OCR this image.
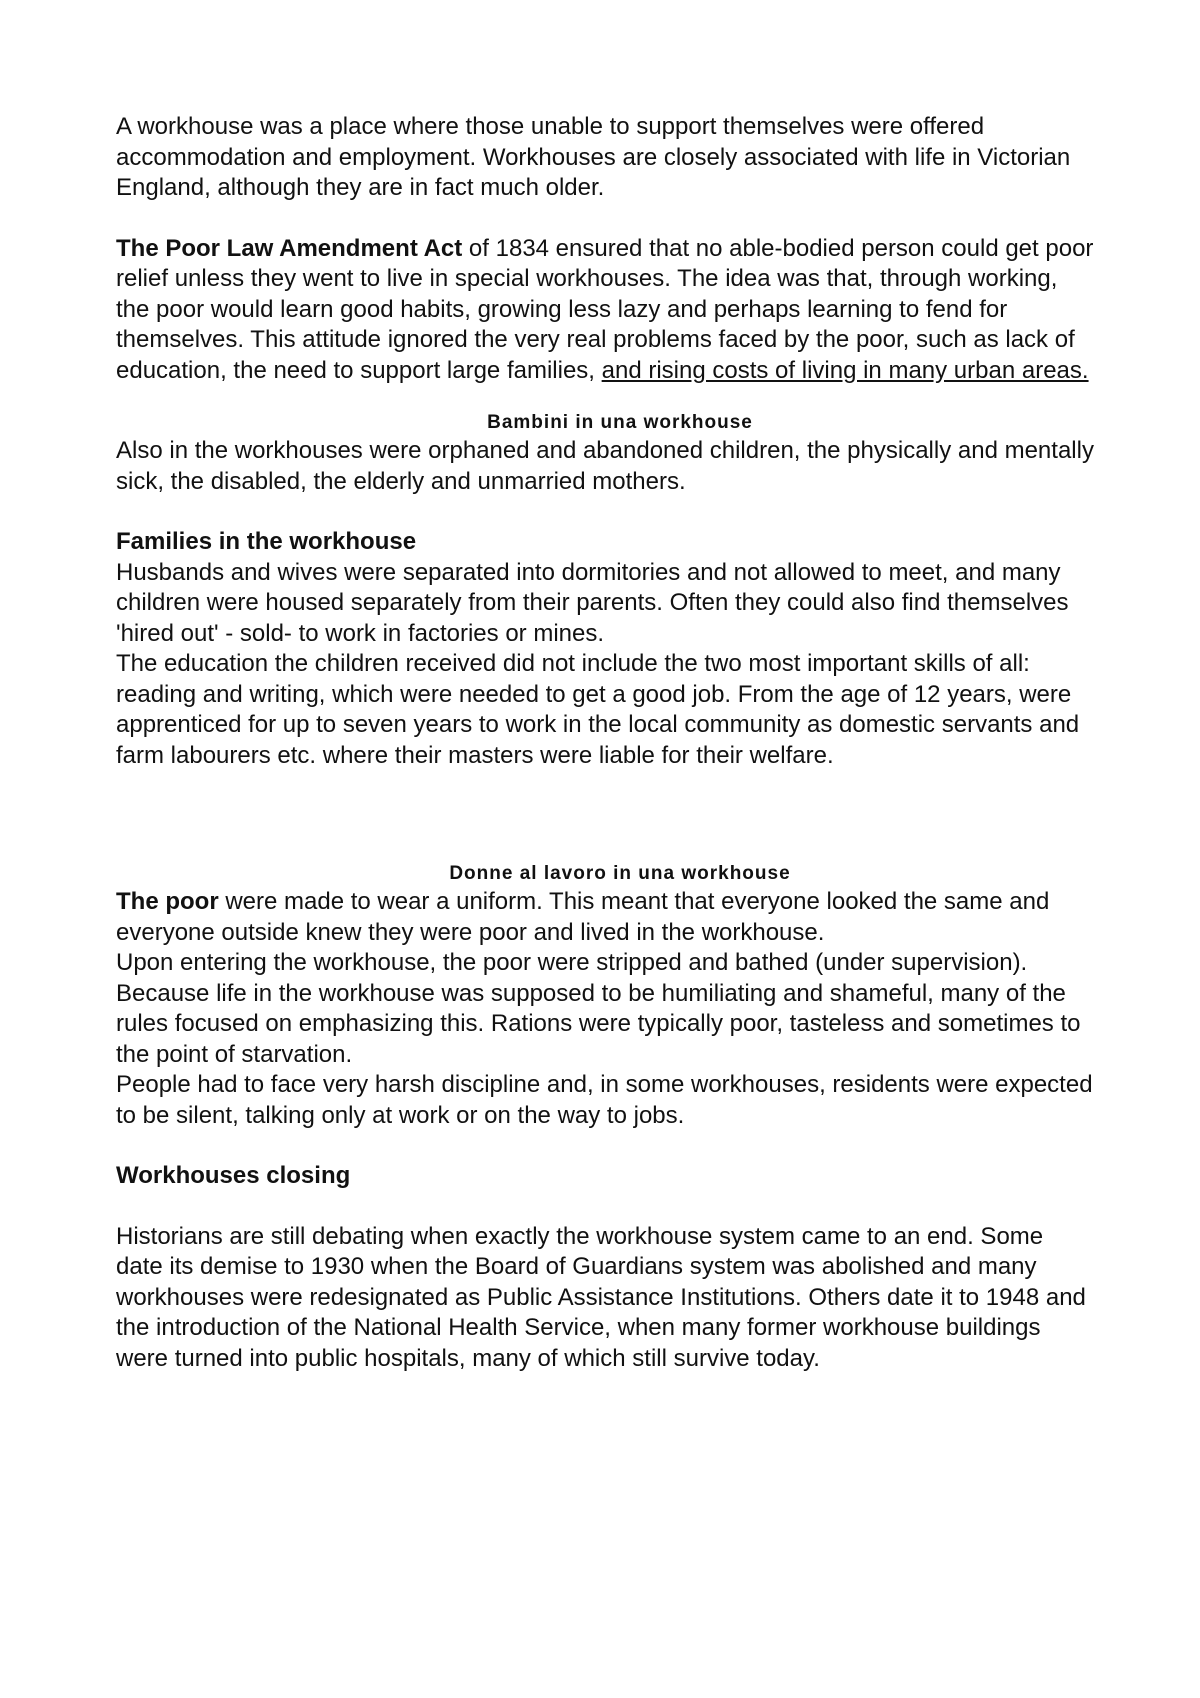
A workhouse was a place where those unable to support themselves were offered accommodation and employment. Workhouses are closely associated with life in Victorian England, although they are in fact much older.

The Poor Law Amendment Act of 1834 ensured that no able-bodied person could get poor relief unless they went to live in special workhouses. The idea was that, through working, the poor would learn good habits, growing less lazy and perhaps learning to fend for themselves. This attitude ignored the very real problems faced by the poor, such as lack of education, the need to support large families, and rising costs of living in many urban areas.

Bambini in una workhouse

Also in the workhouses were orphaned and abandoned children, the physically and mentally sick, the disabled, the elderly and unmarried mothers.

Families in the workhouse

Husbands and wives were separated into dormitories and not allowed to meet, and many children were housed separately from their parents. Often they could also find themselves 'hired out' - sold- to work in factories or mines.

The education the children received did not include the two most important skills of all: reading and writing, which were needed to get a good job. From the age of 12 years, were apprenticed for up to seven years to work in the local community as domestic servants and farm labourers etc. where their masters were liable for their welfare.

Donne al lavoro in una workhouse

The poor were made to wear a uniform. This meant that everyone looked the same and everyone outside knew they were poor and lived in the workhouse.

Upon entering the workhouse, the poor were stripped and bathed (under supervision).

Because life in the workhouse was supposed to be humiliating and shameful, many of the rules focused on emphasizing this. Rations were typically poor, tasteless and sometimes to the point of starvation.

People had to face very harsh discipline and, in some workhouses, residents were expected to be silent, talking only at work or on the way to jobs.

Workhouses closing

Historians are still debating when exactly the workhouse system came to an end. Some date its demise to 1930 when the Board of Guardians system was abolished and many workhouses were redesignated as Public Assistance Institutions. Others date it to 1948 and the introduction of the National Health Service, when many former workhouse buildings were turned into public hospitals, many of which still survive today.
